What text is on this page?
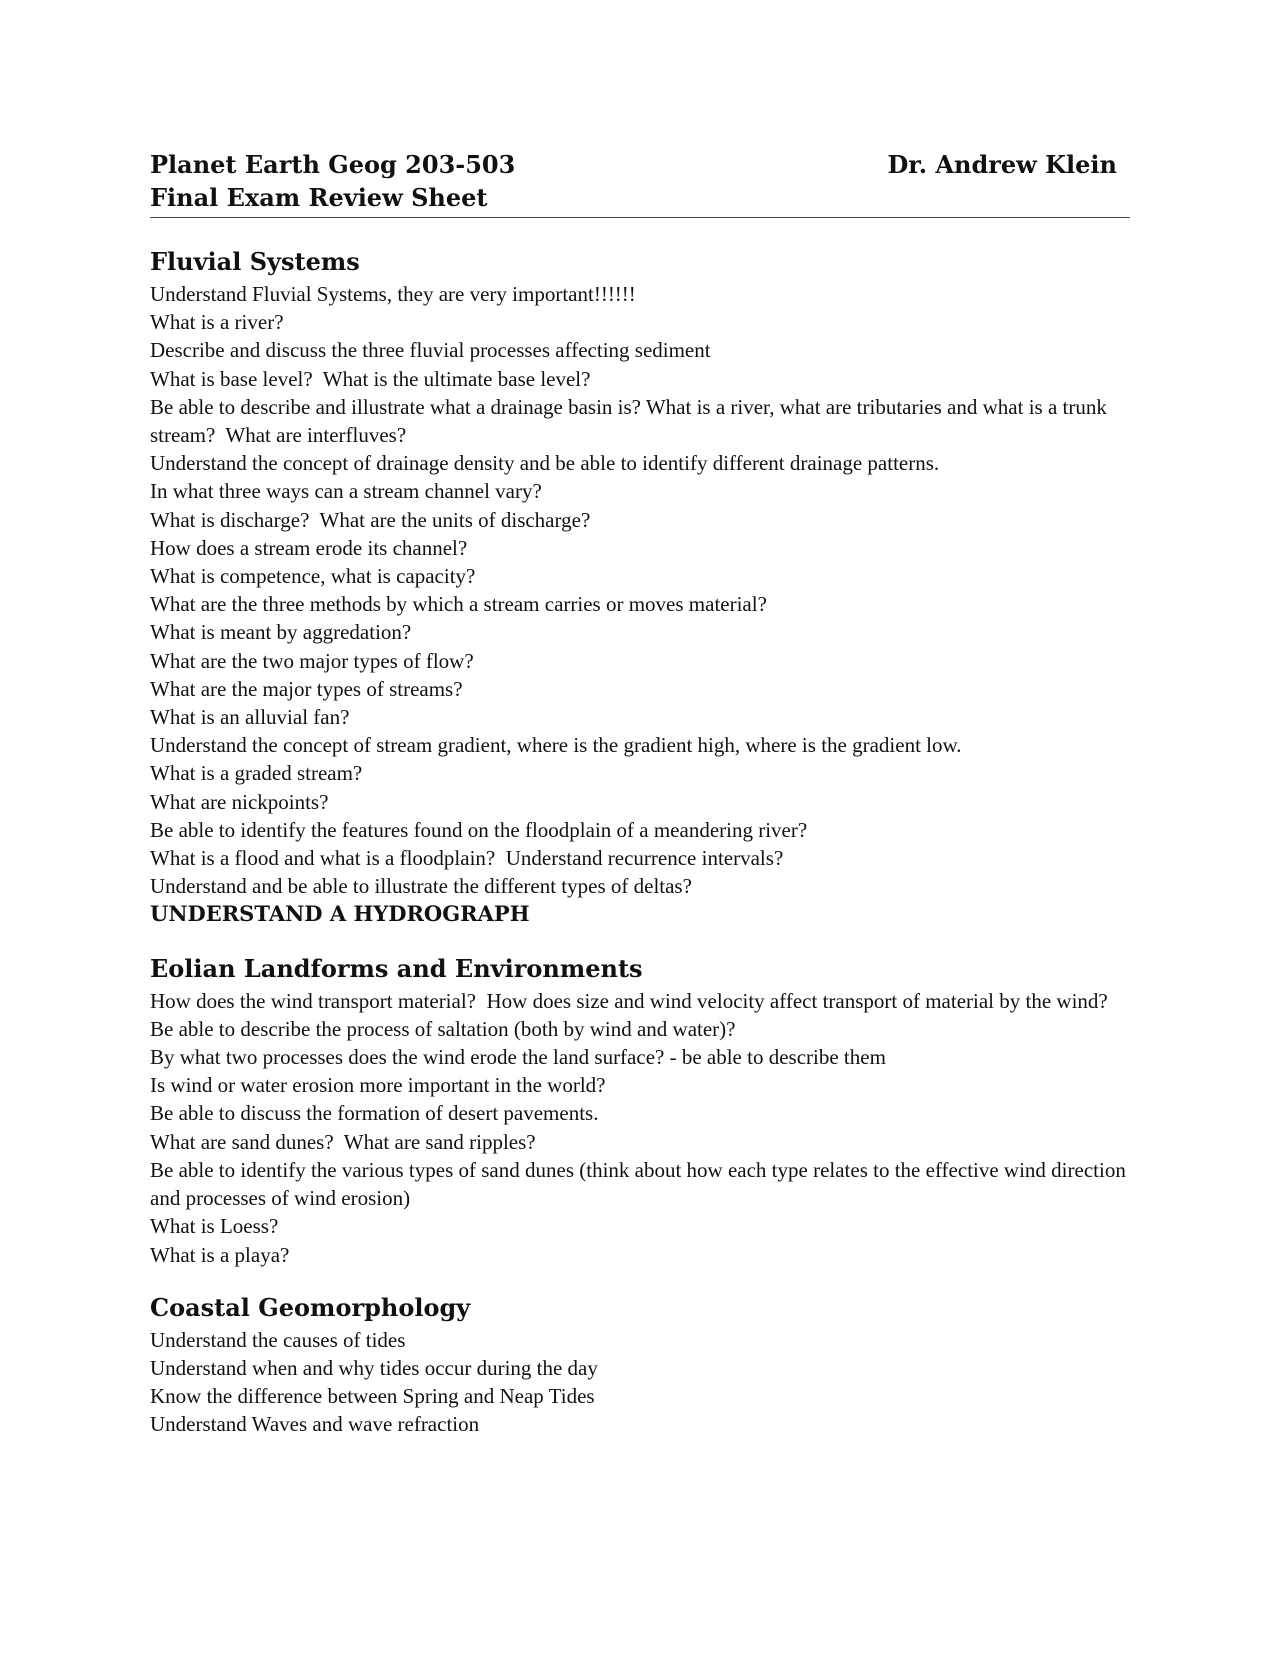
Planet Earth Geog 203-503	Dr. Andrew Klein
Final Exam Review Sheet
Fluvial Systems
Understand Fluvial Systems, they are very important!!!!!!
What is a river?
Describe and discuss the three fluvial processes affecting sediment
What is base level?  What is the ultimate base level?
Be able to describe and illustrate what a drainage basin is? What is a river, what are tributaries and what is a trunk stream?  What are interfluves?
Understand the concept of drainage density and be able to identify different drainage patterns.
In what three ways can a stream channel vary?
What is discharge?  What are the units of discharge?
How does a stream erode its channel?
What is competence, what is capacity?
What are the three methods by which a stream carries or moves material?
What is meant by aggredation?
What are the two major types of flow?
What are the major types of streams?
What is an alluvial fan?
Understand the concept of stream gradient, where is the gradient high, where is the gradient low.
What is a graded stream?
What are nickpoints?
Be able to identify the features found on the floodplain of a meandering river?
What is a flood and what is a floodplain?  Understand recurrence intervals?
Understand and be able to illustrate the different types of deltas?
UNDERSTAND A HYDROGRAPH
Eolian Landforms and Environments
How does the wind transport material?  How does size and wind velocity affect transport of material by the wind?
Be able to describe the process of saltation (both by wind and water)?
By what two processes does the wind erode the land surface? - be able to describe them
Is wind or water erosion more important in the world?
Be able to discuss the formation of desert pavements.
What are sand dunes?  What are sand ripples?
Be able to identify the various types of sand dunes (think about how each type relates to the effective wind direction and processes of wind erosion)
What is Loess?
What is a playa?
Coastal Geomorphology
Understand the causes of tides
Understand when and why tides occur during the day
Know the difference between Spring and Neap Tides
Understand Waves and wave refraction
